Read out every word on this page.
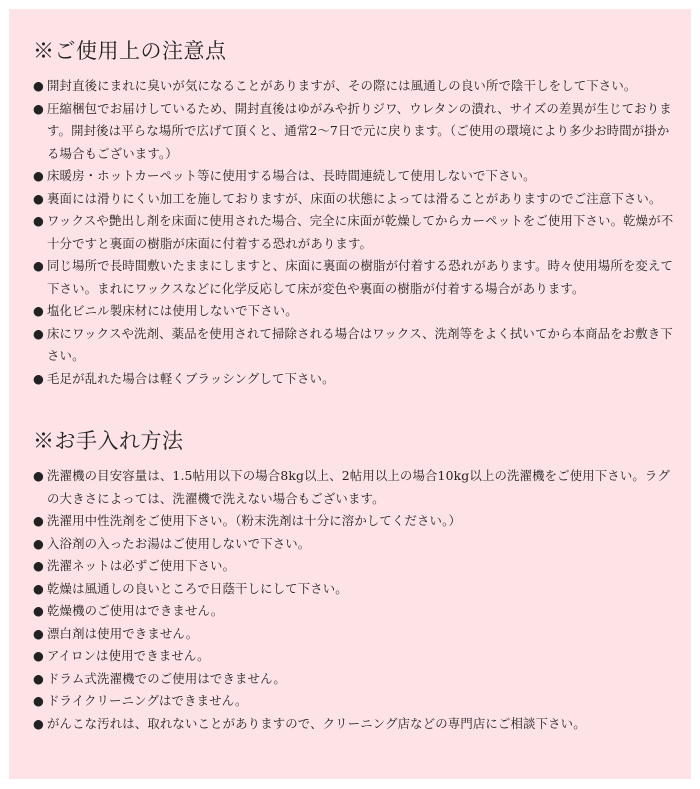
※ご使用上の注意点
● 開封直後にまれに臭いが気になることがありますが、その際には風通しの良い所で陰干しをして下さい。
● 圧縮梱包でお届けしているため、開封直後はゆがみや折りジワ、ウレタンの潰れ、サイズの差異が生じております。開封後は平らな場所で広げて頂くと、通常2〜7日で元に戻ります。（ご使用の環境により多少お時間が掛かる場合もございます。）
● 床暖房・ホットカーペット等に使用する場合は、長時間連続して使用しないで下さい。
● 裏面には滑りにくい加工を施しておりますが、床面の状態によっては滑ることがありますのでご注意下さい。
● ワックスや艶出し剤を床面に使用された場合、完全に床面が乾燥してからカーペットをご使用下さい。乾燥が不十分ですと裏面の樹脂が床面に付着する恐れがあります。
● 同じ場所で長時間敷いたままにしますと、床面に裏面の樹脂が付着する恐れがあります。時々使用場所を変えて下さい。まれにワックスなどに化学反応して床が変色や裏面の樹脂が付着する場合があります。
● 塩化ビニル製床材には使用しないで下さい。
● 床にワックスや洗剤、薬品を使用されて掃除される場合はワックス、洗剤等をよく拭いてから本商品をお敷き下さい。
● 毛足が乱れた場合は軽くブラッシングして下さい。
※お手入れ方法
● 洗濯機の目安容量は、1.5帖用以下の場合8kg以上、2帖用以上の場合10kg以上の洗濯機をご使用下さい。ラグの大きさによっては、洗濯機で洗えない場合もございます。
● 洗濯用中性洗剤をご使用下さい。（粉末洗剤は十分に溶かしてください。）
● 入浴剤の入ったお湯はご使用しないで下さい。
● 洗濯ネットは必ずご使用下さい。
● 乾燥は風通しの良いところで日蔭干しにして下さい。
● 乾燥機のご使用はできません。
● 漂白剤は使用できません。
● アイロンは使用できません。
● ドラム式洗濯機でのご使用はできません。
● ドライクリーニングはできません。
● がんこな汚れは、取れないことがありますので、クリーニング店などの専門店にご相談下さい。
